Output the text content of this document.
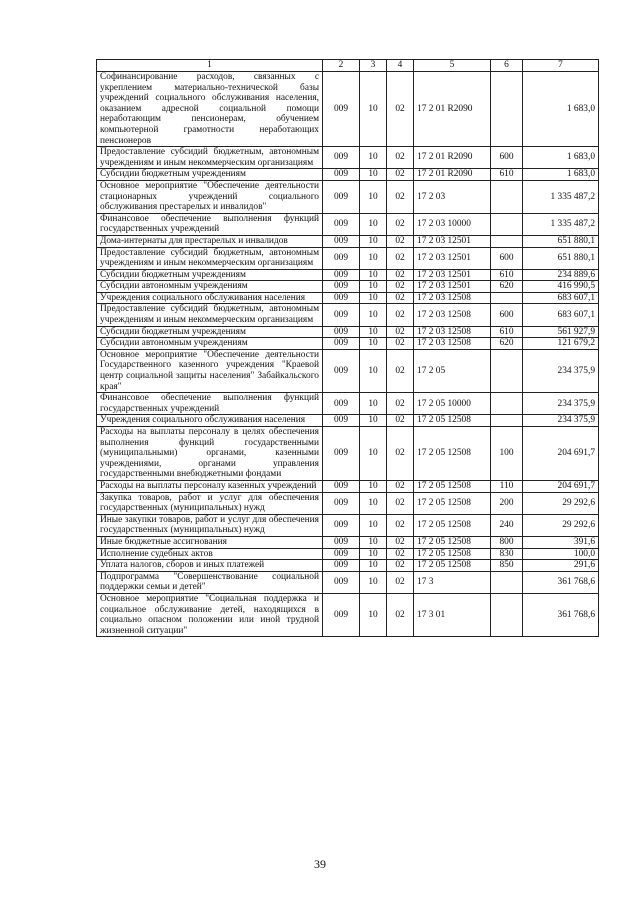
1	2	3	4	5	6	7
Софинансирование расходов, связанных с укреплением материально-технической базы учреждений социального обслуживания населения, оказанием адресной социальной помощи неработающим пенсионерам, обучением компьютерной грамотности неработающих пенсионеров	009	10	02	17 2 01 R2090		1 683,0
Предоставление субсидий бюджетным, автономным учреждениям и иным некоммерческим организациям	009	10	02	17 2 01 R2090	600	1 683,0
Субсидии бюджетным учреждениям	009	10	02	17 2 01 R2090	610	1 683,0
Основное мероприятие "Обеспечение деятельности стационарных учреждений социального обслуживания престарелых и инвалидов"	009	10	02	17 2 03		1 335 487,2
Финансовое обеспечение выполнения функций государственных учреждений	009	10	02	17 2 03 10000		1 335 487,2
Дома-интернаты для престарелых и инвалидов	009	10	02	17 2 03 12501		651 880,1
Предоставление субсидий бюджетным, автономным учреждениям и иным некоммерческим организациям	009	10	02	17 2 03 12501	600	651 880,1
Субсидии бюджетным учреждениям	009	10	02	17 2 03 12501	610	234 889,6
Субсидии автономным учреждениям	009	10	02	17 2 03 12501	620	416 990,5
Учреждения социального обслуживания населения	009	10	02	17 2 03 12508		683 607,1
Предоставление субсидий бюджетным, автономным учреждениям и иным некоммерческим организациям	009	10	02	17 2 03 12508	600	683 607,1
Субсидии бюджетным учреждениям	009	10	02	17 2 03 12508	610	561 927,9
Субсидии автономным учреждениям	009	10	02	17 2 03 12508	620	121 679,2
Основное мероприятие "Обеспечение деятельности Государственного казенного учреждения "Краевой центр социальной защиты населения" Забайкальского края"	009	10	02	17 2 05		234 375,9
Финансовое обеспечение выполнения функций государственных учреждений	009	10	02	17 2 05 10000		234 375,9
Учреждения социального обслуживания населения	009	10	02	17 2 05 12508		234 375,9
Расходы на выплаты персоналу в целях обеспечения выполнения функций государственными (муниципальными) органами, казенными учреждениями, органами управления государственными внебюджетными фондами	009	10	02	17 2 05 12508	100	204 691,7
Расходы на выплаты персоналу казенных учреждений	009	10	02	17 2 05 12508	110	204 691,7
Закупка товаров, работ и услуг для обеспечения государственных (муниципальных) нужд	009	10	02	17 2 05 12508	200	29 292,6
Иные закупки товаров, работ и услуг для обеспечения государственных (муниципальных) нужд	009	10	02	17 2 05 12508	240	29 292,6
Иные бюджетные ассигнования	009	10	02	17 2 05 12508	800	391,6
Исполнение судебных актов	009	10	02	17 2 05 12508	830	100,0
Уплата налогов, сборов и иных платежей	009	10	02	17 2 05 12508	850	291,6
Подпрограмма "Совершенствование социальной поддержки семьи и детей"	009	10	02	17 3		361 768,6
Основное мероприятие "Социальная поддержка и социальное обслуживание детей, находящихся в социально опасном положении или иной трудной жизненной ситуации"	009	10	02	17 3 01		361 768,6
39
